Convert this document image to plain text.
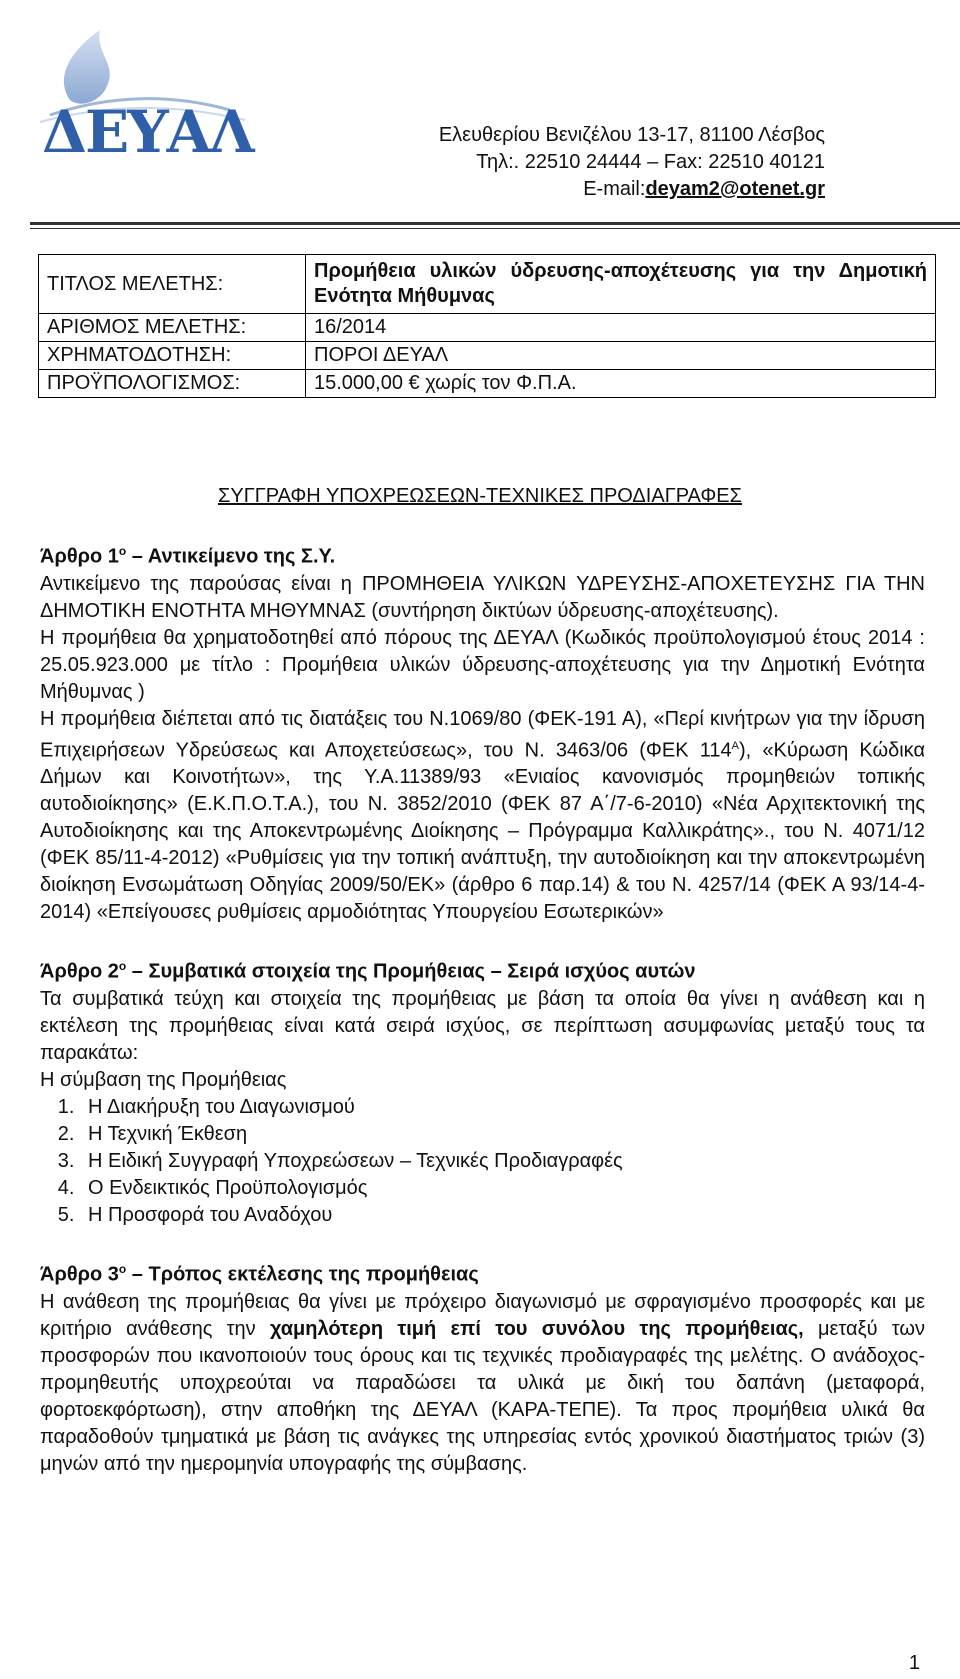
ΔΕΥΑΛ	Ελευθερίου Βενιζέλου 13-17, 81100 Λέσβος
Τηλ:. 22510 24444 – Fax: 22510 40121
E-mail:deyam2@otenet.gr
ΤΙΤΛΟΣ ΜΕΛΕΤΗΣ:	Προμήθεια υλικών ύδρευσης-αποχέτευσης για την Δημοτική Ενότητα Μήθυμνας
ΑΡΙΘΜΟΣ ΜΕΛΕΤΗΣ:	16/2014
ΧΡΗΜΑΤΟΔΟΤΗΣΗ:	ΠΟΡΟΙ ΔΕΥΑΛ
ΠΡΟΫΠΟΛΟΓΙΣΜΟΣ:	15.000,00 € χωρίς τον Φ.Π.Α.
ΣΥΓΓΡΑΦΗ ΥΠΟΧΡΕΩΣΕΩΝ-ΤΕΧΝΙΚΕΣ ΠΡΟΔΙΑΓΡΑΦΕΣ

Άρθρο $1^o$ – Αντικείμενο της Σ.Υ.

Αντικείμενο της παρούσας είναι η ΠΡΟΜΗΘΕΙΑ ΥΛΙΚΩΝ ΥΔΡΕΥΣΗΣ-ΑΠΟΧΕΤΕΥΣΗΣ ΓΙΑ ΤΗΝ ΔΗΜΟΤΙΚΗ ΕΝΟΤΗΤΑ ΜΗΘΥΜΝΑΣ (συντήρηση δικτύων ύδρευσης-αποχέτευσης).

Η προμήθεια θα χρηματοδοτηθεί από πόρους της ΔΕΥΑΛ (Κωδικός προϋπολογισμού έτους 2014 : 25.05.923.000 με τίτλο : Προμήθεια υλικών ύδρευσης-αποχέτευσης για την Δημοτική Ενότητα Μήθυμνας )

Η προμήθεια διέπεται από τις διατάξεις του Ν.1069/80 (ΦΕΚ-191 Α), «Περί κινήτρων για την ίδρυση Επιχειρήσεων Υδρεύσεως και Αποχετεύσεως», του Ν. 3463/06 (ΦΕΚ $114^A$), «Κύρωση Κώδικα Δήμων και Κοινοτήτων», της Υ.Α.11389/93 «Ενιαίος κανονισμός προμηθειών τοπικής αυτοδιοίκησης» (Ε.Κ.Π.Ο.Τ.Α.), του Ν. 3852/2010 (ΦΕΚ 87 Α΄/7-6-2010) «Νέα Αρχιτεκτονική της Αυτοδιοίκησης και της Αποκεντρωμένης Διοίκησης – Πρόγραμμα Καλλικράτης»., του Ν. 4071/12 (ΦΕΚ 85/11-4-2012) «Ρυθμίσεις για την τοπική ανάπτυξη, την αυτοδιοίκηση και την αποκεντρωμένη διοίκηση Ενσωμάτωση Οδηγίας 2009/50/ΕΚ» (άρθρο 6 παρ.14) & του Ν. 4257/14 (ΦΕΚ Α 93/14-4-2014) «Επείγουσες ρυθμίσεις αρμοδιότητας Υπουργείου Εσωτερικών»

Άρθρο $2^o$ – Συμβατικά στοιχεία της Προμήθειας – Σειρά ισχύος αυτών

Τα συμβατικά τεύχη και στοιχεία της προμήθειας με βάση τα οποία θα γίνει η ανάθεση και η εκτέλεση της προμήθειας είναι κατά σειρά ισχύος, σε περίπτωση ασυμφωνίας μεταξύ τους τα παρακάτω:

Η σύμβαση της Προμήθειας

1. Η Διακήρυξη του Διαγωνισμού
2. Η Τεχνική Έκθεση
3. Η Ειδική Συγγραφή Υποχρεώσεων – Τεχνικές Προδιαγραφές
4. Ο Ενδεικτικός Προϋπολογισμός
5. Η Προσφορά του Αναδόχου

Άρθρο $3^o$ – Τρόπος εκτέλεσης της προμήθειας

Η ανάθεση της προμήθειας θα γίνει με πρόχειρο διαγωνισμό με σφραγισμένο προσφορές και με κριτήριο ανάθεσης την χαμηλότερη τιμή επί του συνόλου της προμήθειας, μεταξύ των προσφορών που ικανοποιούν τους όρους και τις τεχνικές προδιαγραφές της μελέτης. Ο ανάδοχος-προμηθευτής υποχρεούται να παραδώσει τα υλικά με δική του δαπάνη (μεταφορά, φορτοεκφόρτωση), στην αποθήκη της ΔΕΥΑΛ (ΚΑΡΑ-ΤΕΠΕ). Τα προς προμήθεια υλικά θα παραδοθούν τμηματικά με βάση τις ανάγκες της υπηρεσίας εντός χρονικού διαστήματος τριών (3) μηνών από την ημερομηνία υπογραφής της σύμβασης.

1
